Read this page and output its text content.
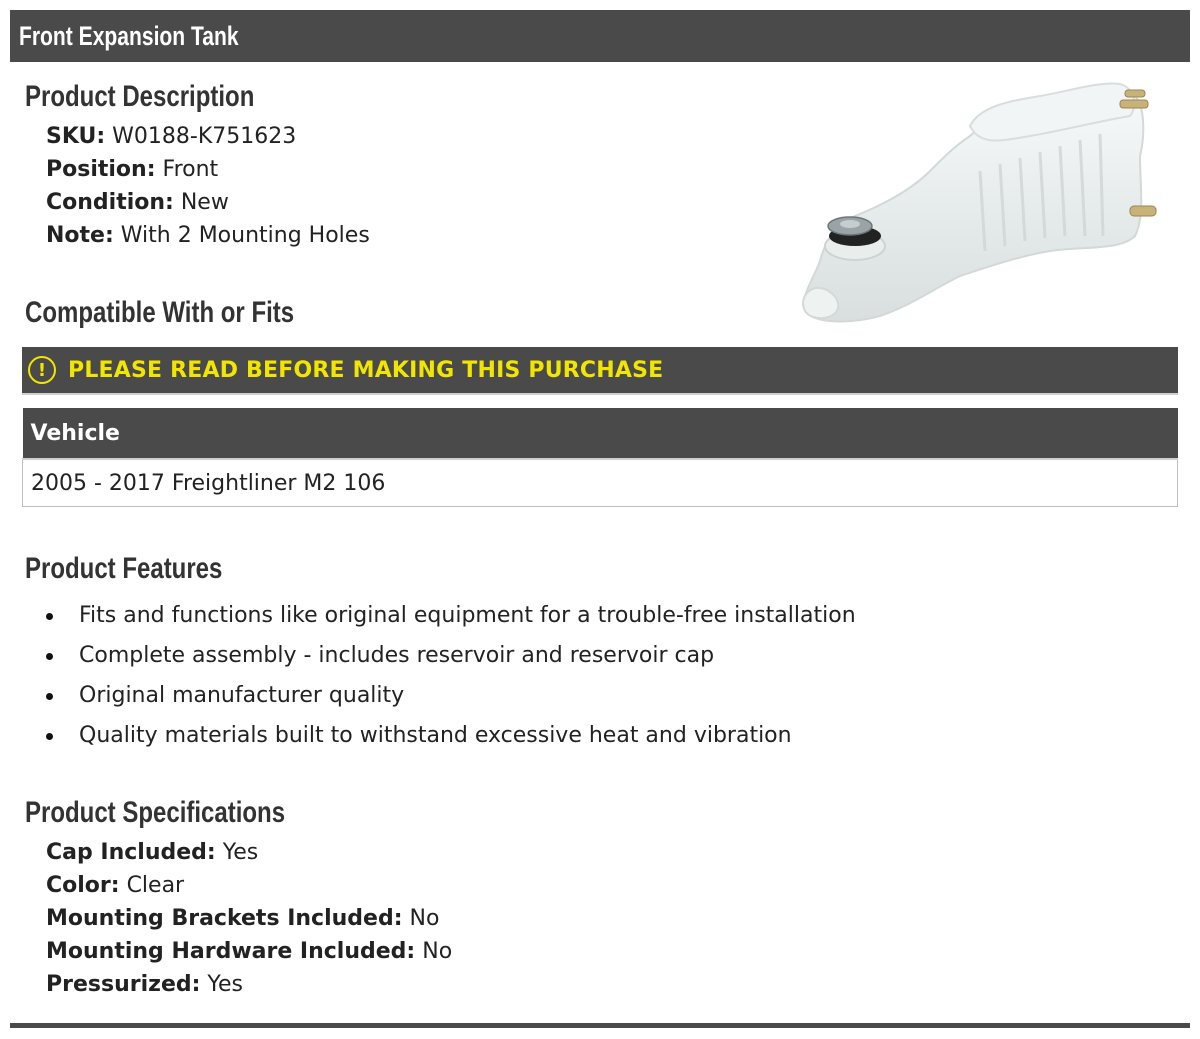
Front Expansion Tank
Product Description
SKU: W0188-K751623
Position: Front
Condition: New
Note: With 2 Mounting Holes
Compatible With or Fits
! PLEASE READ BEFORE MAKING THIS PURCHASE
Vehicle
2005 - 2017 Freightliner M2 106
Product Features
Fits and functions like original equipment for a trouble-free installation
Complete assembly - includes reservoir and reservoir cap
Original manufacturer quality
Quality materials built to withstand excessive heat and vibration
Product Specifications
Cap Included: Yes
Color: Clear
Mounting Brackets Included: No
Mounting Hardware Included: No
Pressurized: Yes
